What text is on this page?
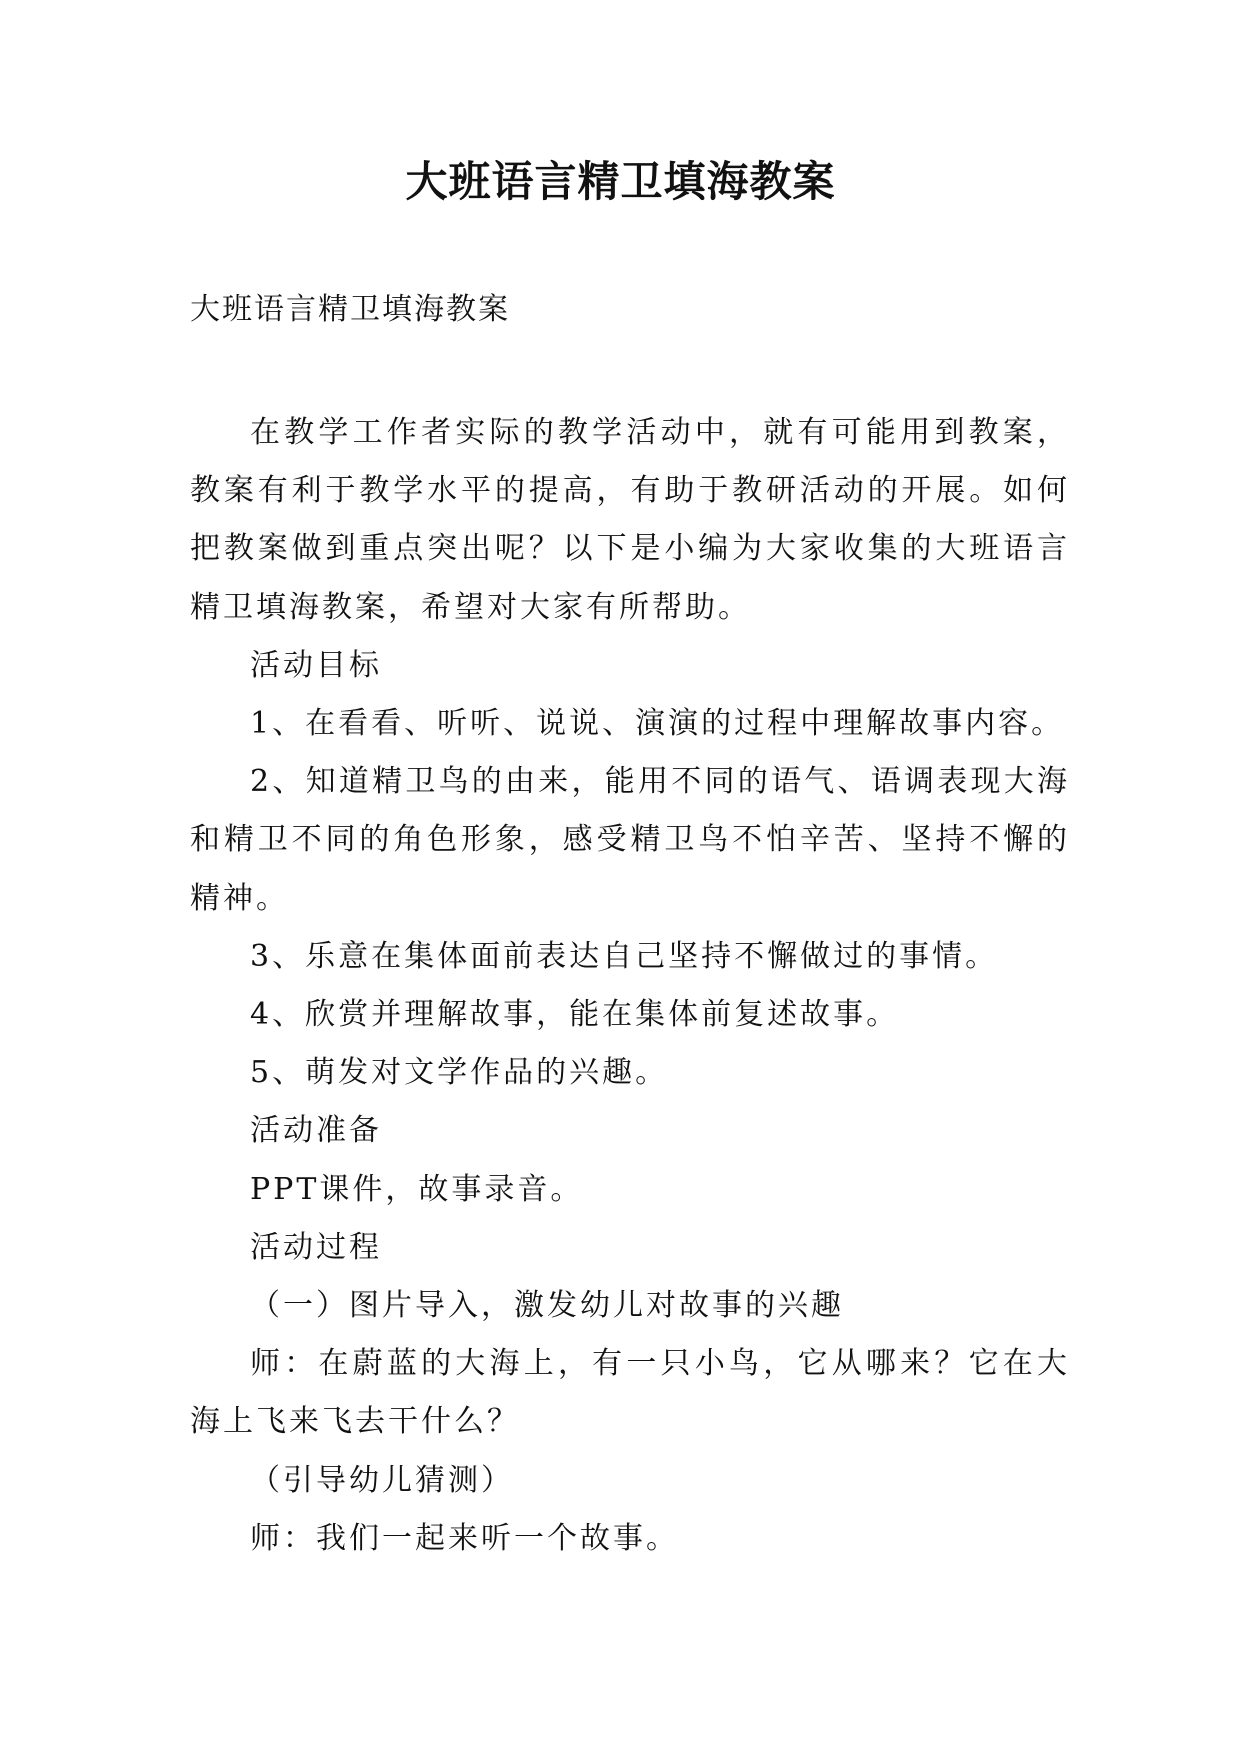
大班语言精卫填海教案
大班语言精卫填海教案

在教学工作者实际的教学活动中，就有可能用到教案，教案有利于教学水平的提高，有助于教研活动的开展。如何把教案做到重点突出呢？以下是小编为大家收集的大班语言精卫填海教案，希望对大家有所帮助。

活动目标

1、在看看、听听、说说、演演的过程中理解故事内容。

2、知道精卫鸟的由来，能用不同的语气、语调表现大海和精卫不同的角色形象，感受精卫鸟不怕辛苦、坚持不懈的精神。

3、乐意在集体面前表达自己坚持不懈做过的事情。

4、欣赏并理解故事，能在集体前复述故事。

5、萌发对文学作品的兴趣。

活动准备

PPT课件，故事录音。

活动过程

（一）图片导入，激发幼儿对故事的兴趣

师：在蔚蓝的大海上，有一只小鸟，它从哪来？它在大海上飞来飞去干什么？

（引导幼儿猜测）

师：我们一起来听一个故事。
